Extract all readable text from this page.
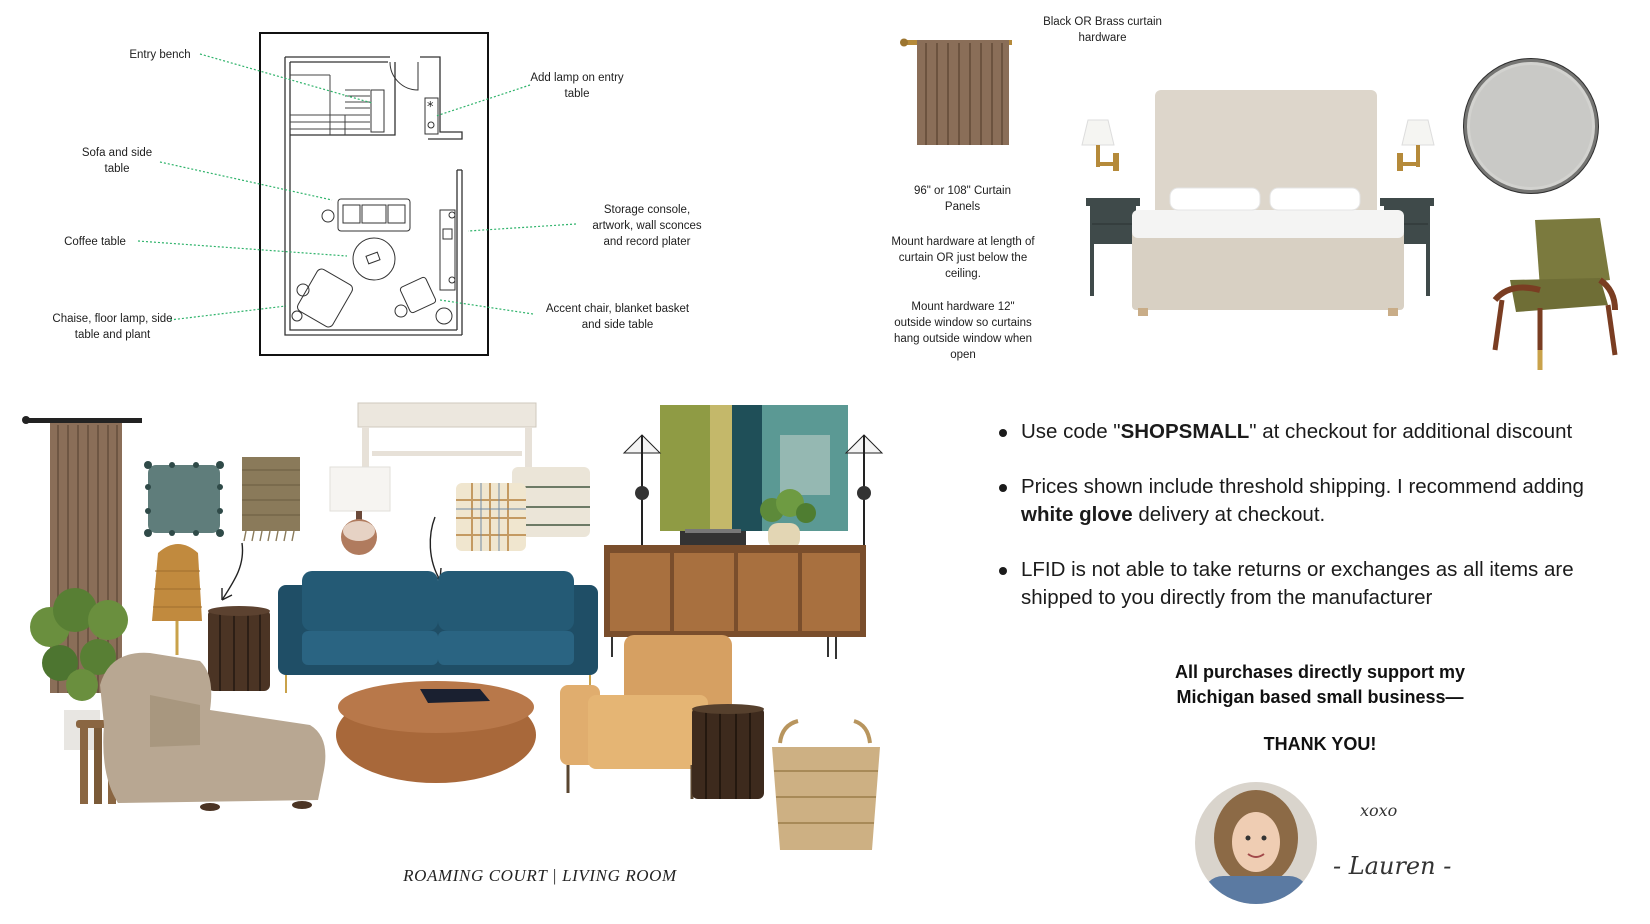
*
Entry bench
Add lamp on entry table
Sofa and side table
Storage console, artwork, wall sconces and record plater
Coffee table
Chaise, floor lamp, side table and plant
Accent chair, blanket basket and side table
Black OR Brass curtain hardware
96" or 108" Curtain Panels
Mount hardware at length of curtain OR just below the ceiling.
Mount hardware 12" outside window so curtains hang outside window when open
ROAMING COURT | LIVING ROOM
Use code "SHOPSMALL" at checkout for additional discount
Prices shown include threshold shipping. I recommend adding white glove delivery at checkout.
LFID is not able to take returns or exchanges as all items are shipped to you directly from the manufacturer
All purchases directly support my
Michigan based small business—
THANK YOU!
xoxo
- Lauren -
